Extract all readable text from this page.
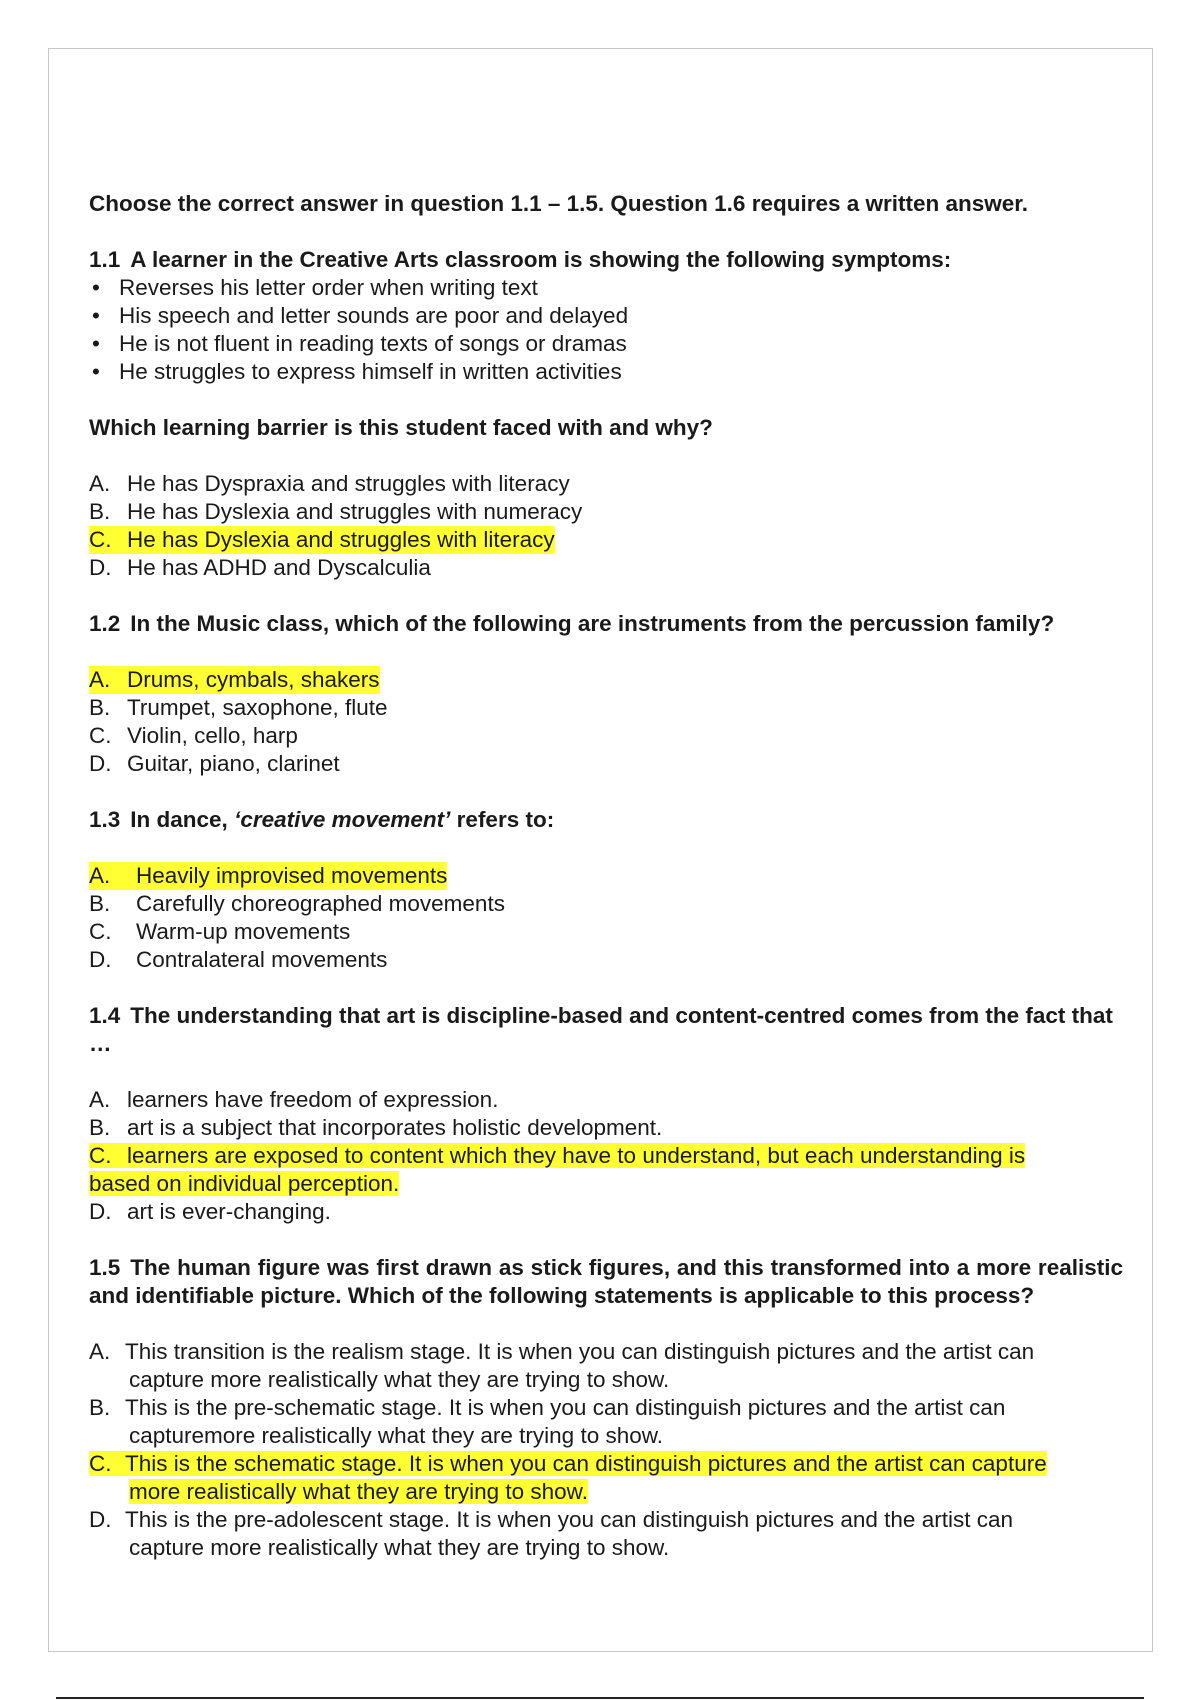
Choose the correct answer in question 1.1 – 1.5. Question 1.6 requires a written answer.

1.1 A learner in the Creative Arts classroom is showing the following symptoms:

• Reverses his letter order when writing text
• His speech and letter sounds are poor and delayed
• He is not fluent in reading texts of songs or dramas
• He struggles to express himself in written activities

Which learning barrier is this student faced with and why?

A. He has Dyspraxia and struggles with literacy
B. He has Dyslexia and struggles with numeracy
C. He has Dyslexia and struggles with literacy
D. He has ADHD and Dyscalculia

1.2 In the Music class, which of the following are instruments from the percussion family?

A. Drums, cymbals, shakers
B. Trumpet, saxophone, flute
C. Violin, cello, harp
D. Guitar, piano, clarinet

1.3 In dance, ‘creative movement’ refers to:

A. Heavily improvised movements
B.	Carefully choreographed movements
C.	Warm-up movements
D.	Contralateral movements

1.4 The understanding that art is discipline-based and content-centred comes from the fact that …

A. learners have freedom of expression.
B. art is a subject that incorporates holistic development.
C. learners are exposed to content which they have to understand, but each understanding is
based on individual perception.
D. art is ever-changing.

1.5 The human figure was first drawn as stick figures, and this transformed into a more realistic and identifiable picture. Which of the following statements is applicable to this process?

A. This transition is the realism stage. It is when you can distinguish pictures and the artist can
capture more realistically what they are trying to show.
B. This is the pre-schematic stage. It is when you can distinguish pictures and the artist can
capturemore realistically what they are trying to show.
C. This is the schematic stage. It is when you can distinguish pictures and the artist can capture
more realistically what they are trying to show.
D. This is the pre-adolescent stage. It is when you can distinguish pictures and the artist can
capture more realistically what they are trying to show.
